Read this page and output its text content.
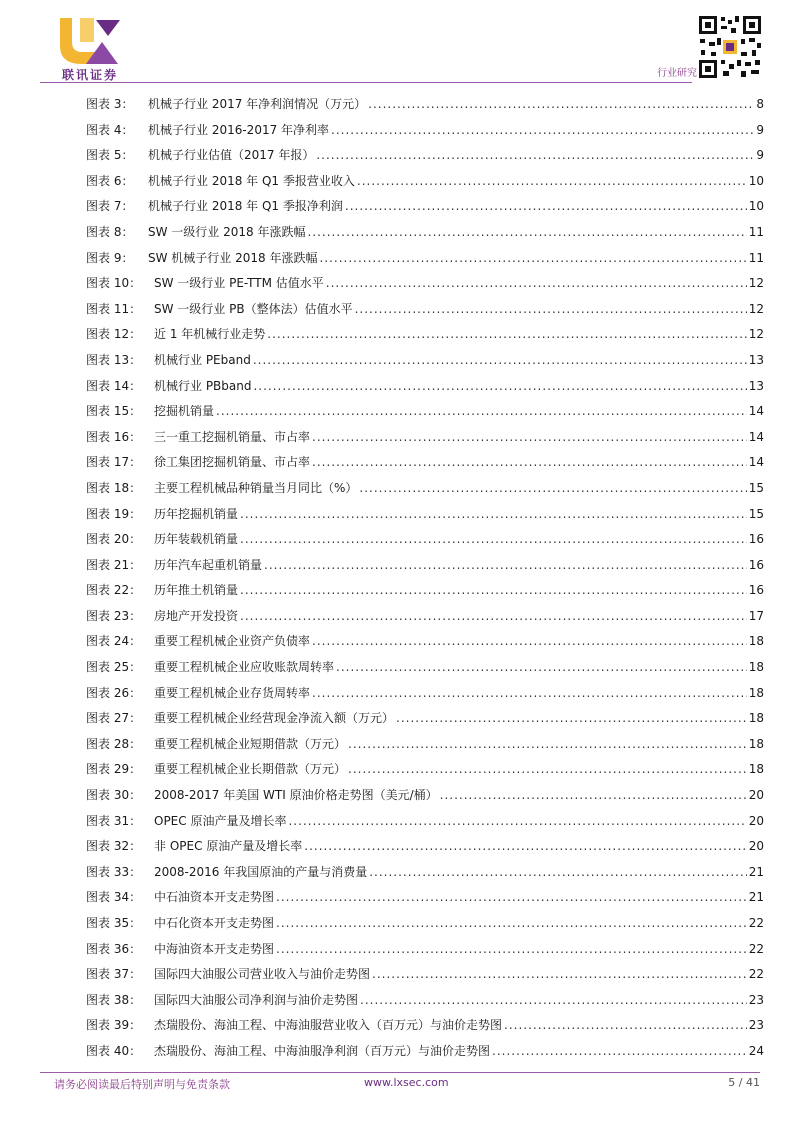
联讯证券	行业研究
图表 3：	机械子行业 2017 年净利润情况（万元） .....	8
图表 4：	机械子行业 2016-2017 年净利率 .....	9
图表 5：	机械子行业估值（2017 年报） .....	9
图表 6：	机械子行业 2018 年 Q1 季报营业收入 .....	10
图表 7：	机械子行业 2018 年 Q1 季报净利润 .....	10
图表 8：	SW 一级行业 2018 年涨跌幅 .....	11
图表 9：	SW 机械子行业 2018 年涨跌幅 .....	11
图表 10：	SW 一级行业 PE-TTM 估值水平 .....	12
图表 11：	SW 一级行业 PB（整体法）估值水平 .....	12
图表 12：	近 1 年机械行业走势 .....	12
图表 13：	机械行业 PEband .....	13
图表 14：	机械行业 PBband .....	13
图表 15：	挖掘机销量 .....	14
图表 16：	三一重工挖掘机销量、市占率 .....	14
图表 17：	徐工集团挖掘机销量、市占率 .....	14
图表 18：	主要工程机械品种销量当月同比（%） .....	15
图表 19：	历年挖掘机销量 .....	15
图表 20：	历年装载机销量 .....	16
图表 21：	历年汽车起重机销量 .....	16
图表 22：	历年推土机销量 .....	16
图表 23：	房地产开发投资 .....	17
图表 24：	重要工程机械企业资产负债率 .....	18
图表 25：	重要工程机械企业应收账款周转率 .....	18
图表 26：	重要工程机械企业存货周转率 .....	18
图表 27：	重要工程机械企业经营现金净流入额（万元） .....	18
图表 28：	重要工程机械企业短期借款（万元） .....	18
图表 29：	重要工程机械企业长期借款（万元） .....	18
图表 30：	2008-2017 年美国 WTI 原油价格走势图（美元/桶） .....	20
图表 31：	OPEC 原油产量及增长率 .....	20
图表 32：	非 OPEC 原油产量及增长率 .....	20
图表 33：	2008-2016 年我国原油的产量与消费量 .....	21
图表 34：	中石油资本开支走势图 .....	21
图表 35：	中石化资本开支走势图 .....	22
图表 36：	中海油资本开支走势图 .....	22
图表 37：	国际四大油服公司营业收入与油价走势图 .....	22
图表 38：	国际四大油服公司净利润与油价走势图 .....	23
图表 39：	杰瑞股份、海油工程、中海油服营业收入（百万元）与油价走势图 .....	23
图表 40：	杰瑞股份、海油工程、中海油服净利润（百万元）与油价走势图 .....	24
请务必阅读最后特别声明与免责条款	www.lxsec.com	5 / 41
